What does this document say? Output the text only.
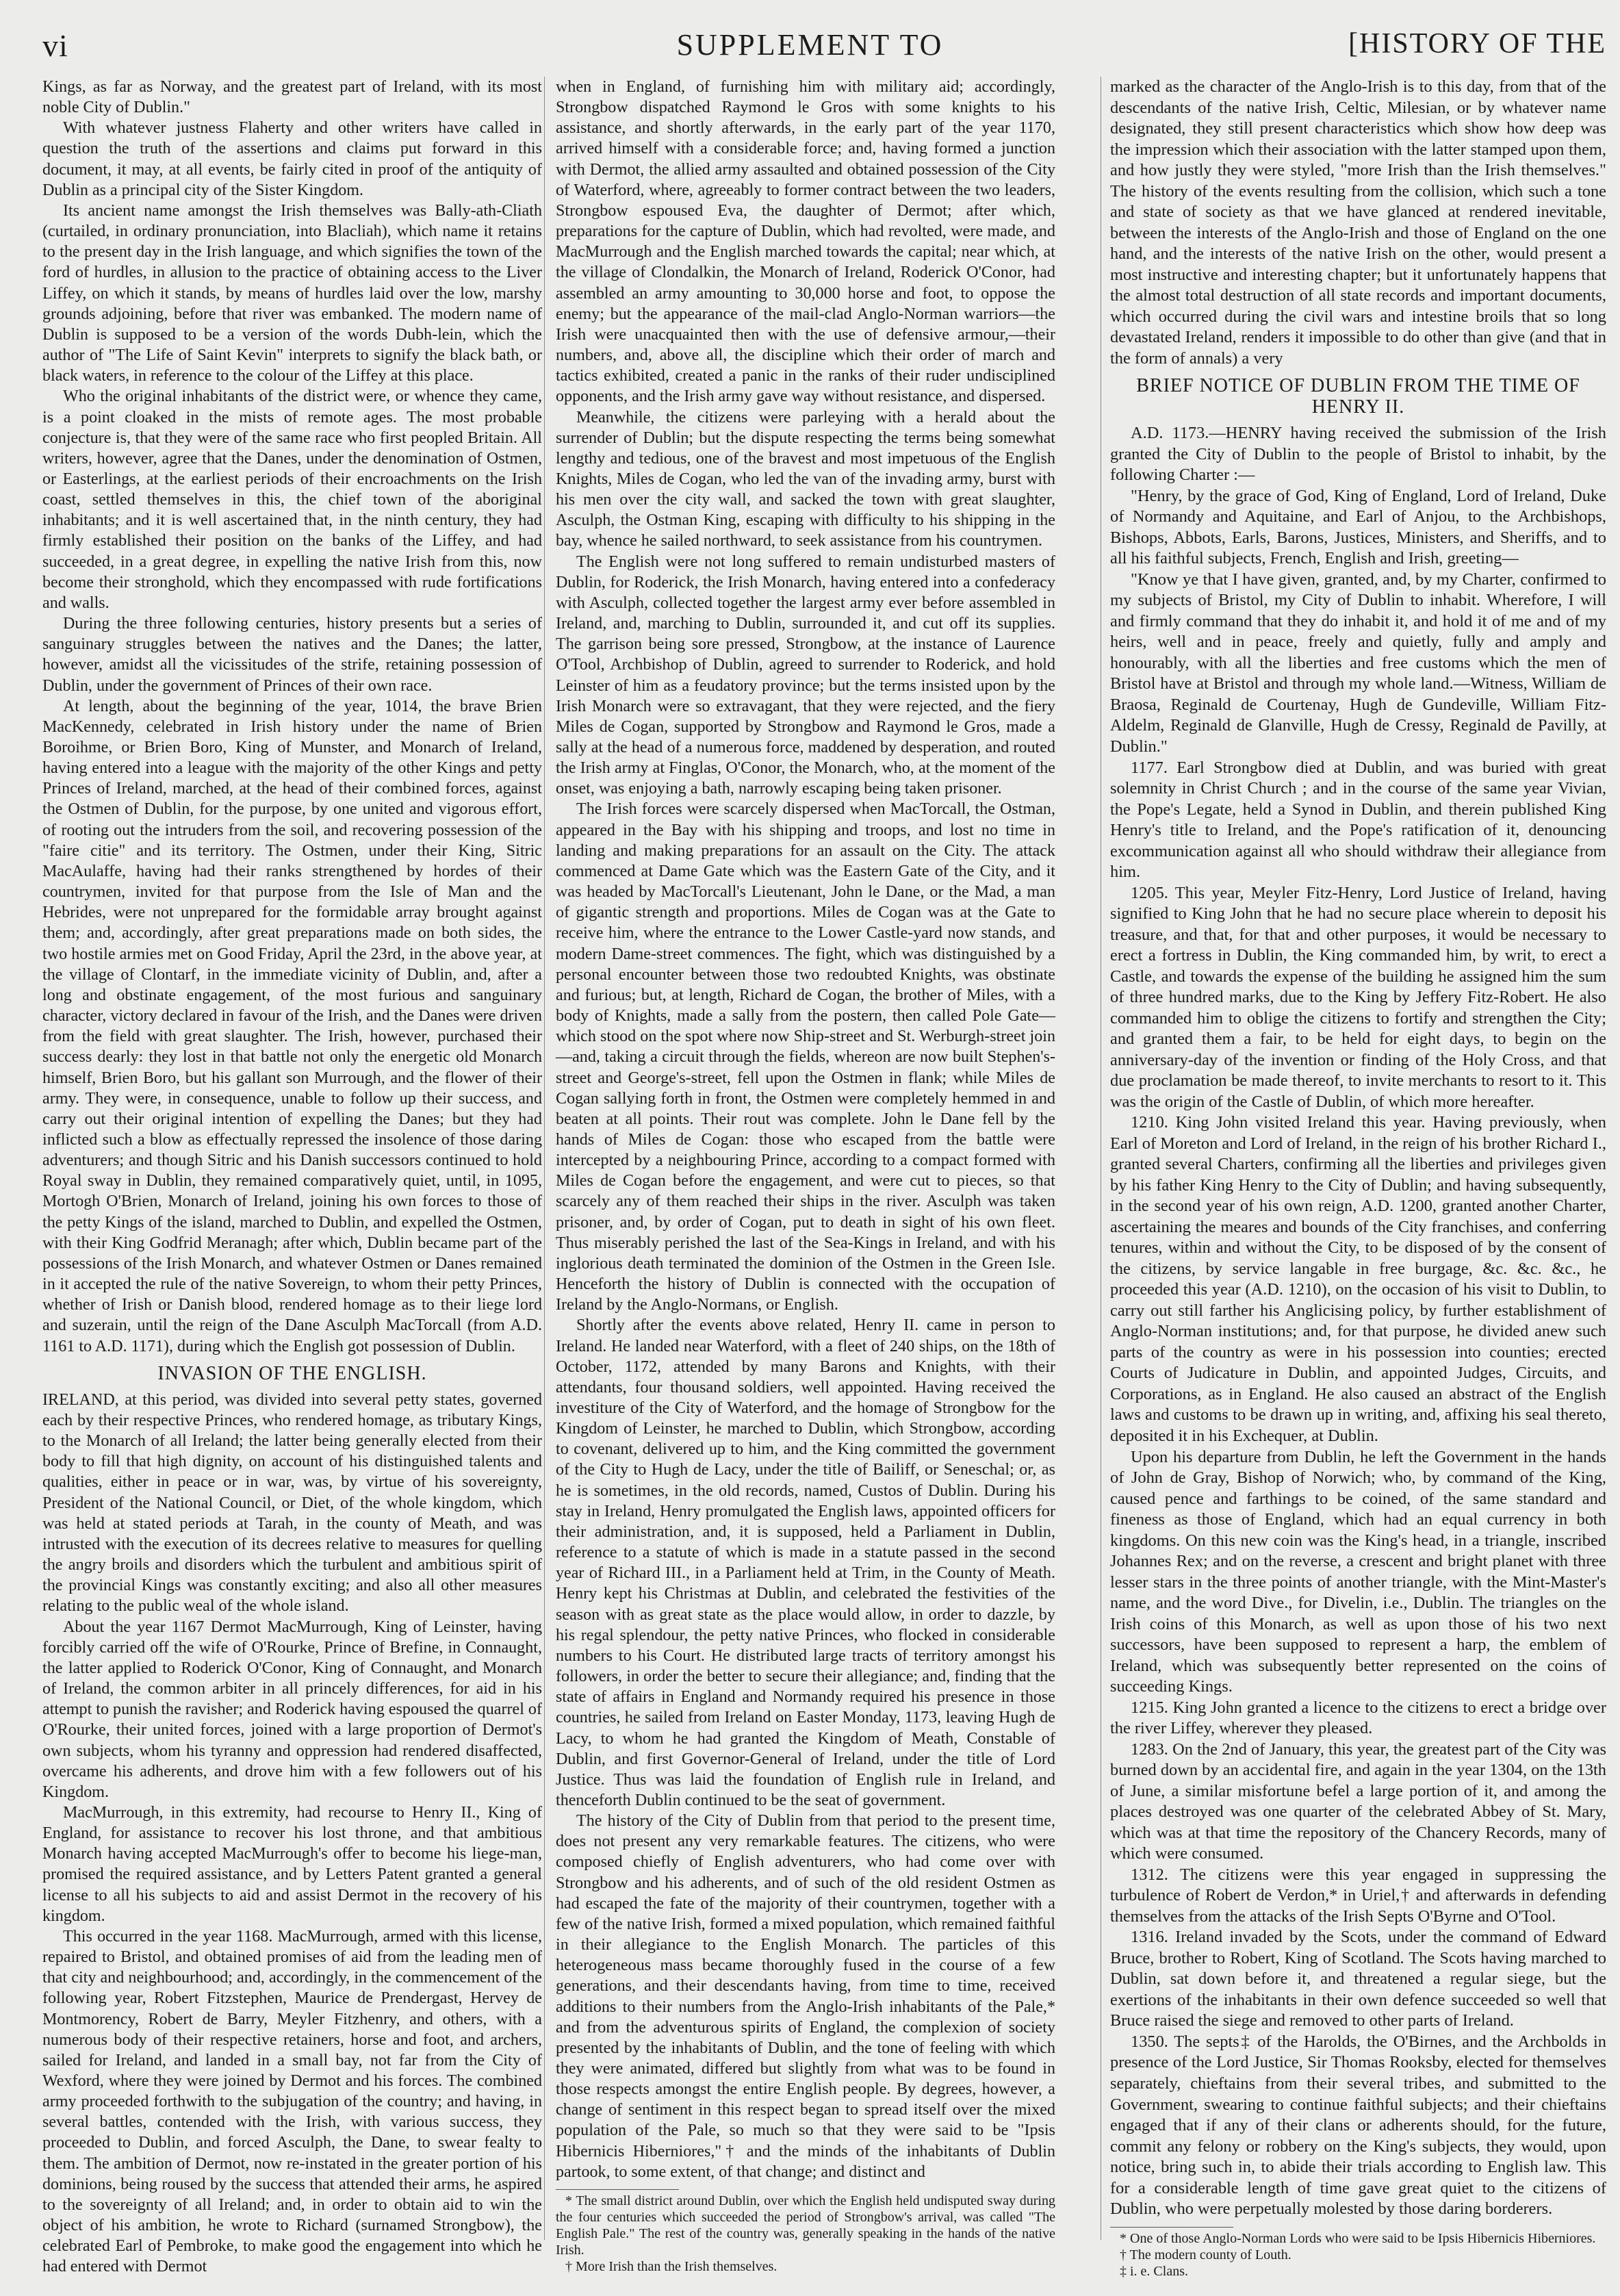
vi	SUPPLEMENT TO	[HISTORY OF THE

Kings, as far as Norway, and the greatest part of Ireland, with its most noble City of Dublin."

With whatever justness Flaherty and other writers have called in question the truth of the assertions and claims put forward in this document, it may, at all events, be fairly cited in proof of the antiquity of Dublin as a principal city of the Sister Kingdom.

Its ancient name amongst the Irish themselves was Bally-ath-Cliath (curtailed, in ordinary pronunciation, into Blacliah), which name it retains to the present day in the Irish language, and which signifies the town of the ford of hurdles, in allusion to the practice of obtaining access to the Liver Liffey, on which it stands, by means of hurdles laid over the low, marshy grounds adjoining, before that river was embanked. The modern name of Dublin is supposed to be a version of the words Dubh-lein, which the author of "The Life of Saint Kevin" interprets to signify the black bath, or black waters, in reference to the colour of the Liffey at this place.

Who the original inhabitants of the district were, or whence they came, is a point cloaked in the mists of remote ages. The most probable conjecture is, that they were of the same race who first peopled Britain. All writers, however, agree that the Danes, under the denomination of Ostmen, or Easterlings, at the earliest periods of their encroachments on the Irish coast, settled themselves in this, the chief town of the aboriginal inhabitants; and it is well ascertained that, in the ninth century, they had firmly established their position on the banks of the Liffey, and had succeeded, in a great degree, in expelling the native Irish from this, now become their stronghold, which they encompassed with rude fortifications and walls.

During the three following centuries, history presents but a series of sanguinary struggles between the natives and the Danes; the latter, however, amidst all the vicissitudes of the strife, retaining possession of Dublin, under the government of Princes of their own race.

At length, about the beginning of the year, 1014, the brave Brien MacKennedy, celebrated in Irish history under the name of Brien Boroihme, or Brien Boro, King of Munster, and Monarch of Ireland, having entered into a league with the majority of the other Kings and petty Princes of Ireland, marched, at the head of their combined forces, against the Ostmen of Dublin, for the purpose, by one united and vigorous effort, of rooting out the intruders from the soil, and recovering possession of the "faire citie" and its territory. The Ostmen, under their King, Sitric MacAulaffe, having had their ranks strengthened by hordes of their countrymen, invited for that purpose from the Isle of Man and the Hebrides, were not unprepared for the formidable array brought against them; and, accordingly, after great preparations made on both sides, the two hostile armies met on Good Friday, April the 23rd, in the above year, at the village of Clontarf, in the immediate vicinity of Dublin, and, after a long and obstinate engagement, of the most furious and sanguinary character, victory declared in favour of the Irish, and the Danes were driven from the field with great slaughter. The Irish, however, purchased their success dearly: they lost in that battle not only the energetic old Monarch himself, Brien Boro, but his gallant son Murrough, and the flower of their army. They were, in consequence, unable to follow up their success, and carry out their original intention of expelling the Danes; but they had inflicted such a blow as effectually repressed the insolence of those daring adventurers; and though Sitric and his Danish successors continued to hold Royal sway in Dublin, they remained comparatively quiet, until, in 1095, Mortogh O'Brien, Monarch of Ireland, joining his own forces to those of the petty Kings of the island, marched to Dublin, and expelled the Ostmen, with their King Godfrid Meranagh; after which, Dublin became part of the possessions of the Irish Monarch, and whatever Ostmen or Danes remained in it accepted the rule of the native Sovereign, to whom their petty Princes, whether of Irish or Danish blood, rendered homage as to their liege lord and suzerain, until the reign of the Dane Asculph MacTorcall (from A.D. 1161 to A.D. 1171), during which the English got possession of Dublin.

INVASION OF THE ENGLISH.

IRELAND, at this period, was divided into several petty states, governed each by their respective Princes, who rendered homage, as tributary Kings, to the Monarch of all Ireland; the latter being generally elected from their body to fill that high dignity, on account of his distinguished talents and qualities, either in peace or in war, was, by virtue of his sovereignty, President of the National Council, or Diet, of the whole kingdom, which was held at stated periods at Tarah, in the county of Meath, and was intrusted with the execution of its decrees relative to measures for quelling the angry broils and disorders which the turbulent and ambitious spirit of the provincial Kings was constantly exciting; and also all other measures relating to the public weal of the whole island.

About the year 1167 Dermot MacMurrough, King of Leinster, having forcibly carried off the wife of O'Rourke, Prince of Brefine, in Connaught, the latter applied to Roderick O'Conor, King of Connaught, and Monarch of Ireland, the common arbiter in all princely differences, for aid in his attempt to punish the ravisher; and Roderick having espoused the quarrel of O'Rourke, their united forces, joined with a large proportion of Dermot's own subjects, whom his tyranny and oppression had rendered disaffected, overcame his adherents, and drove him with a few followers out of his Kingdom.

MacMurrough, in this extremity, had recourse to Henry II., King of England, for assistance to recover his lost throne, and that ambitious Monarch having accepted MacMurrough's offer to become his liege-man, promised the required assistance, and by Letters Patent granted a general license to all his subjects to aid and assist Dermot in the recovery of his kingdom.

This occurred in the year 1168. MacMurrough, armed with this license, repaired to Bristol, and obtained promises of aid from the leading men of that city and neighbourhood; and, accordingly, in the commencement of the following year, Robert Fitzstephen, Maurice de Prendergast, Hervey de Montmorency, Robert de Barry, Meyler Fitzhenry, and others, with a numerous body of their respective retainers, horse and foot, and archers, sailed for Ireland, and landed in a small bay, not far from the City of Wexford, where they were joined by Dermot and his forces. The combined army proceeded forthwith to the subjugation of the country; and having, in several battles, contended with the Irish, with various success, they proceeded to Dublin, and forced Asculph, the Dane, to swear fealty to them. The ambition of Dermot, now re-instated in the greater portion of his dominions, being roused by the success that attended their arms, he aspired to the sovereignty of all Ireland; and, in order to obtain aid to win the object of his ambition, he wrote to Richard (surnamed Strongbow), the celebrated Earl of Pembroke, to make good the engagement into which he had entered with Dermot

when in England, of furnishing him with military aid; accordingly, Strongbow dispatched Raymond le Gros with some knights to his assistance, and shortly afterwards, in the early part of the year 1170, arrived himself with a considerable force; and, having formed a junction with Dermot, the allied army assaulted and obtained possession of the City of Waterford, where, agreeably to former contract between the two leaders, Strongbow espoused Eva, the daughter of Dermot; after which, preparations for the capture of Dublin, which had revolted, were made, and MacMurrough and the English marched towards the capital; near which, at the village of Clondalkin, the Monarch of Ireland, Roderick O'Conor, had assembled an army amounting to 30,000 horse and foot, to oppose the enemy; but the appearance of the mail-clad Anglo-Norman warriors—the Irish were unacquainted then with the use of defensive armour,—their numbers, and, above all, the discipline which their order of march and tactics exhibited, created a panic in the ranks of their ruder undisciplined opponents, and the Irish army gave way without resistance, and dispersed.

Meanwhile, the citizens were parleying with a herald about the surrender of Dublin; but the dispute respecting the terms being somewhat lengthy and tedious, one of the bravest and most impetuous of the English Knights, Miles de Cogan, who led the van of the invading army, burst with his men over the city wall, and sacked the town with great slaughter, Asculph, the Ostman King, escaping with difficulty to his shipping in the bay, whence he sailed northward, to seek assistance from his countrymen.

The English were not long suffered to remain undisturbed masters of Dublin, for Roderick, the Irish Monarch, having entered into a confederacy with Asculph, collected together the largest army ever before assembled in Ireland, and, marching to Dublin, surrounded it, and cut off its supplies. The garrison being sore pressed, Strongbow, at the instance of Laurence O'Tool, Archbishop of Dublin, agreed to surrender to Roderick, and hold Leinster of him as a feudatory province; but the terms insisted upon by the Irish Monarch were so extravagant, that they were rejected, and the fiery Miles de Cogan, supported by Strongbow and Raymond le Gros, made a sally at the head of a numerous force, maddened by desperation, and routed the Irish army at Finglas, O'Conor, the Monarch, who, at the moment of the onset, was enjoying a bath, narrowly escaping being taken prisoner.

The Irish forces were scarcely dispersed when MacTorcall, the Ostman, appeared in the Bay with his shipping and troops, and lost no time in landing and making preparations for an assault on the City. The attack commenced at Dame Gate which was the Eastern Gate of the City, and it was headed by MacTorcall's Lieutenant, John le Dane, or the Mad, a man of gigantic strength and proportions. Miles de Cogan was at the Gate to receive him, where the entrance to the Lower Castle-yard now stands, and modern Dame-street commences. The fight, which was distinguished by a personal encounter between those two redoubted Knights, was obstinate and furious; but, at length, Richard de Cogan, the brother of Miles, with a body of Knights, made a sally from the postern, then called Pole Gate—which stood on the spot where now Ship-street and St. Werburgh-street join—and, taking a circuit through the fields, whereon are now built Stephen's-street and George's-street, fell upon the Ostmen in flank; while Miles de Cogan sallying forth in front, the Ostmen were completely hemmed in and beaten at all points. Their rout was complete. John le Dane fell by the hands of Miles de Cogan: those who escaped from the battle were intercepted by a neighbouring Prince, according to a compact formed with Miles de Cogan before the engagement, and were cut to pieces, so that scarcely any of them reached their ships in the river. Asculph was taken prisoner, and, by order of Cogan, put to death in sight of his own fleet. Thus miserably perished the last of the Sea-Kings in Ireland, and with his inglorious death terminated the dominion of the Ostmen in the Green Isle. Henceforth the history of Dublin is connected with the occupation of Ireland by the Anglo-Normans, or English.

Shortly after the events above related, Henry II. came in person to Ireland. He landed near Waterford, with a fleet of 240 ships, on the 18th of October, 1172, attended by many Barons and Knights, with their attendants, four thousand soldiers, well appointed. Having received the investiture of the City of Waterford, and the homage of Strongbow for the Kingdom of Leinster, he marched to Dublin, which Strongbow, according to covenant, delivered up to him, and the King committed the government of the City to Hugh de Lacy, under the title of Bailiff, or Seneschal; or, as he is sometimes, in the old records, named, Custos of Dublin. During his stay in Ireland, Henry promulgated the English laws, appointed officers for their administration, and, it is supposed, held a Parliament in Dublin, reference to a statute of which is made in a statute passed in the second year of Richard III., in a Parliament held at Trim, in the County of Meath. Henry kept his Christmas at Dublin, and celebrated the festivities of the season with as great state as the place would allow, in order to dazzle, by his regal splendour, the petty native Princes, who flocked in considerable numbers to his Court. He distributed large tracts of territory amongst his followers, in order the better to secure their allegiance; and, finding that the state of affairs in England and Normandy required his presence in those countries, he sailed from Ireland on Easter Monday, 1173, leaving Hugh de Lacy, to whom he had granted the Kingdom of Meath, Constable of Dublin, and first Governor-General of Ireland, under the title of Lord Justice. Thus was laid the foundation of English rule in Ireland, and thenceforth Dublin continued to be the seat of government.

The history of the City of Dublin from that period to the present time, does not present any very remarkable features. The citizens, who were composed chiefly of English adventurers, who had come over with Strongbow and his adherents, and of such of the old resident Ostmen as had escaped the fate of the majority of their countrymen, together with a few of the native Irish, formed a mixed population, which remained faithful in their allegiance to the English Monarch. The particles of this heterogeneous mass became thoroughly fused in the course of a few generations, and their descendants having, from time to time, received additions to their numbers from the Anglo-Irish inhabitants of the Pale,* and from the adventurous spirits of England, the complexion of society presented by the inhabitants of Dublin, and the tone of feeling with which they were animated, differed but slightly from what was to be found in those respects amongst the entire English people. By degrees, however, a change of sentiment in this respect began to spread itself over the mixed population of the Pale, so much so that they were said to be "Ipsis Hibernicis Hiberniores,"† and the minds of the inhabitants of Dublin partook, to some extent, of that change; and distinct and

* The small district around Dublin, over which the English held undisputed sway during the four centuries which succeeded the period of Strongbow's arrival, was called "The English Pale." The rest of the country was, generally speaking in the hands of the native Irish.

† More Irish than the Irish themselves.

marked as the character of the Anglo-Irish is to this day, from that of the descendants of the native Irish, Celtic, Milesian, or by whatever name designated, they still present characteristics which show how deep was the impression which their association with the latter stamped upon them, and how justly they were styled, "more Irish than the Irish themselves." The history of the events resulting from the collision, which such a tone and state of society as that we have glanced at rendered inevitable, between the interests of the Anglo-Irish and those of England on the one hand, and the interests of the native Irish on the other, would present a most instructive and interesting chapter; but it unfortunately happens that the almost total destruction of all state records and important documents, which occurred during the civil wars and intestine broils that so long devastated Ireland, renders it impossible to do other than give (and that in the form of annals) a very

BRIEF NOTICE OF DUBLIN FROM THE TIME OF HENRY II.

A.D. 1173.—HENRY having received the submission of the Irish granted the City of Dublin to the people of Bristol to inhabit, by the following Charter :—

"Henry, by the grace of God, King of England, Lord of Ireland, Duke of Normandy and Aquitaine, and Earl of Anjou, to the Archbishops, Bishops, Abbots, Earls, Barons, Justices, Ministers, and Sheriffs, and to all his faithful subjects, French, English and Irish, greeting—

"Know ye that I have given, granted, and, by my Charter, confirmed to my subjects of Bristol, my City of Dublin to inhabit. Wherefore, I will and firmly command that they do inhabit it, and hold it of me and of my heirs, well and in peace, freely and quietly, fully and amply and honourably, with all the liberties and free customs which the men of Bristol have at Bristol and through my whole land.—Witness, William de Braosa, Reginald de Courtenay, Hugh de Gundeville, William Fitz-Aldelm, Reginald de Glanville, Hugh de Cressy, Reginald de Pavilly, at Dublin."

1177. Earl Strongbow died at Dublin, and was buried with great solemnity in Christ Church ; and in the course of the same year Vivian, the Pope's Legate, held a Synod in Dublin, and therein published King Henry's title to Ireland, and the Pope's ratification of it, denouncing excommunication against all who should withdraw their allegiance from him.

1205. This year, Meyler Fitz-Henry, Lord Justice of Ireland, having signified to King John that he had no secure place wherein to deposit his treasure, and that, for that and other purposes, it would be necessary to erect a fortress in Dublin, the King commanded him, by writ, to erect a Castle, and towards the expense of the building he assigned him the sum of three hundred marks, due to the King by Jeffery Fitz-Robert. He also commanded him to oblige the citizens to fortify and strengthen the City; and granted them a fair, to be held for eight days, to begin on the anniversary-day of the invention or finding of the Holy Cross, and that due proclamation be made thereof, to invite merchants to resort to it. This was the origin of the Castle of Dublin, of which more hereafter.

1210. King John visited Ireland this year. Having previously, when Earl of Moreton and Lord of Ireland, in the reign of his brother Richard I., granted several Charters, confirming all the liberties and privileges given by his father King Henry to the City of Dublin; and having subsequently, in the second year of his own reign, A.D. 1200, granted another Charter, ascertaining the meares and bounds of the City franchises, and conferring tenures, within and without the City, to be disposed of by the consent of the citizens, by service langable in free burgage, &c. &c. &c., he proceeded this year (A.D. 1210), on the occasion of his visit to Dublin, to carry out still farther his Anglicising policy, by further establishment of Anglo-Norman institutions; and, for that purpose, he divided anew such parts of the country as were in his possession into counties; erected Courts of Judicature in Dublin, and appointed Judges, Circuits, and Corporations, as in England. He also caused an abstract of the English laws and customs to be drawn up in writing, and, affixing his seal thereto, deposited it in his Exchequer, at Dublin.

Upon his departure from Dublin, he left the Government in the hands of John de Gray, Bishop of Norwich; who, by command of the King, caused pence and farthings to be coined, of the same standard and fineness as those of England, which had an equal currency in both kingdoms. On this new coin was the King's head, in a triangle, inscribed Johannes Rex; and on the reverse, a crescent and bright planet with three lesser stars in the three points of another triangle, with the Mint-Master's name, and the word Dive., for Divelin, i.e., Dublin. The triangles on the Irish coins of this Monarch, as well as upon those of his two next successors, have been supposed to represent a harp, the emblem of Ireland, which was subsequently better represented on the coins of succeeding Kings.

1215. King John granted a licence to the citizens to erect a bridge over the river Liffey, wherever they pleased.

1283. On the 2nd of January, this year, the greatest part of the City was burned down by an accidental fire, and again in the year 1304, on the 13th of June, a similar misfortune befel a large portion of it, and among the places destroyed was one quarter of the celebrated Abbey of St. Mary, which was at that time the repository of the Chancery Records, many of which were consumed.

1312. The citizens were this year engaged in suppressing the turbulence of Robert de Verdon,* in Uriel,† and afterwards in defending themselves from the attacks of the Irish Septs O'Byrne and O'Tool.

1316. Ireland invaded by the Scots, under the command of Edward Bruce, brother to Robert, King of Scotland. The Scots having marched to Dublin, sat down before it, and threatened a regular siege, but the exertions of the inhabitants in their own defence succeeded so well that Bruce raised the siege and removed to other parts of Ireland.

1350. The septs‡ of the Harolds, the O'Birnes, and the Archbolds in presence of the Lord Justice, Sir Thomas Rooksby, elected for themselves separately, chieftains from their several tribes, and submitted to the Government, swearing to continue faithful subjects; and their chieftains engaged that if any of their clans or adherents should, for the future, commit any felony or robbery on the King's subjects, they would, upon notice, bring such in, to abide their trials according to English law. This for a considerable length of time gave great quiet to the citizens of Dublin, who were perpetually molested by those daring borderers.

* One of those Anglo-Norman Lords who were said to be Ipsis Hibernicis Hiberniores.

† The modern county of Louth.

‡ i. e. Clans.
